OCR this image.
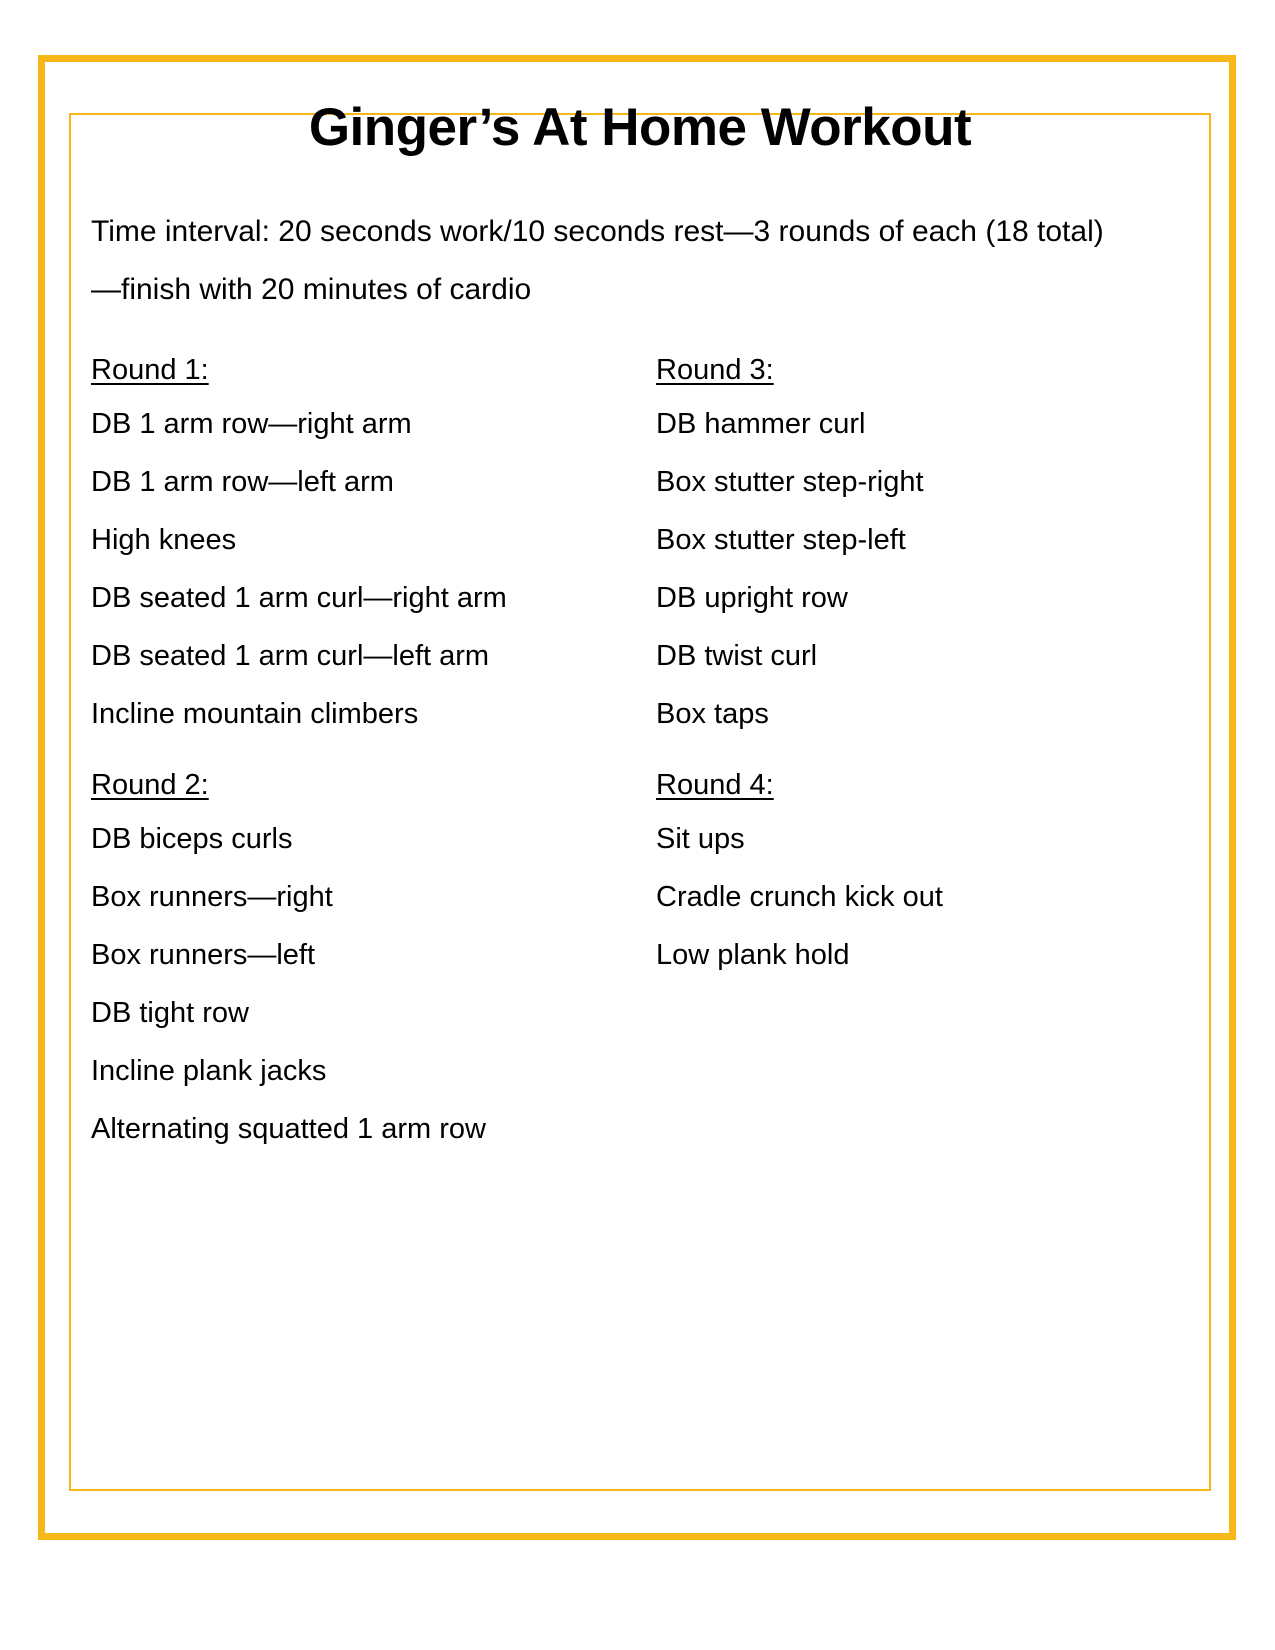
Ginger’s At Home Workout

Time interval: 20 seconds work/10 seconds rest—3 rounds of each (18 total)—finish with 20 minutes of cardio

Round 1:
DB 1 arm row—right arm
DB 1 arm row—left arm
High knees
DB seated 1 arm curl—right arm
DB seated 1 arm curl—left arm
Incline mountain climbers
Round 2:
DB biceps curls
Box runners—right
Box runners—left
DB tight row
Incline plank jacks
Alternating squatted 1 arm row
Round 3:
DB hammer curl
Box stutter step-right
Box stutter step-left
DB upright row
DB twist curl
Box taps
Round 4:
Sit ups
Cradle crunch kick out
Low plank hold
